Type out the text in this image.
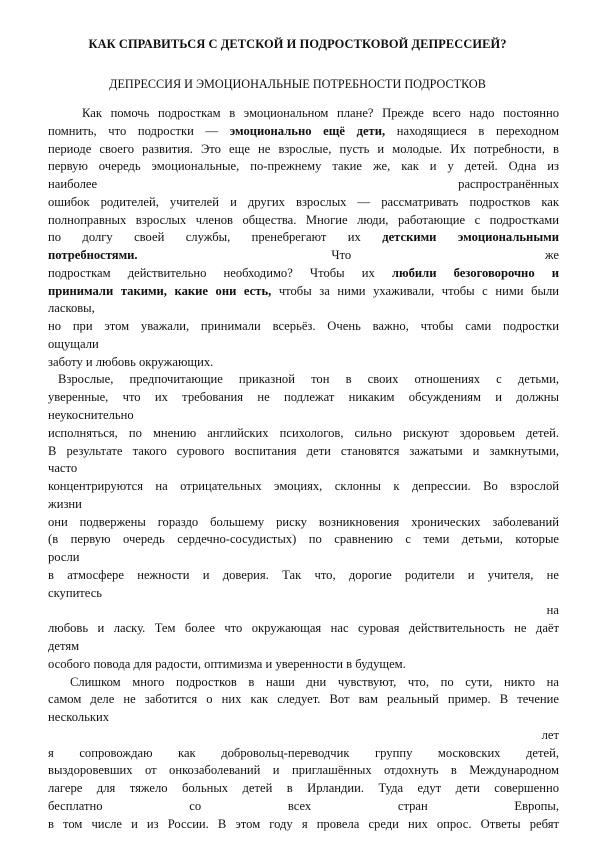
КАК СПРАВИТЬСЯ С ДЕТСКОЙ И ПОДРОСТКОВОЙ ДЕПРЕССИЕЙ?
ДЕПРЕССИЯ И ЭМОЦИОНАЛЬНЫЕ ПОТРЕБНОСТИ ПОДРОСТКОВ
Как помочь подросткам в эмоциональном плане? Прежде всего надо постоянно
помнить, что подростки — эмоционально ещё дети, находящиеся в переходном
периоде своего развития. Это еще не взрослые, пусть и молодые. Их потребности, в
первую очередь эмоциональные, по-прежнему такие же, как и у детей. Одна из
наиболее	распространённых
ошибок родителей, учителей и других взрослых — рассматривать подростков как
полноправных взрослых членов общества. Многие люди, работающие с подростками
по долгу своей службы, пренебрегают их детскими эмоциональными
потребностями.	Что	же
подросткам действительно необходимо? Чтобы их любили безоговорочно и
принимали такими, какие они есть, чтобы за ними ухаживали, чтобы с ними были
ласковы,
но при этом уважали, принимали всерьёз. Очень важно, чтобы сами подростки
ощущали
заботу и любовь окружающих.
Взрослые, предпочитающие приказной тон в своих отношениях с детьми,
уверенные, что их требования не подлежат никаким обсуждениям и должны
неукоснительно
исполняться, по мнению английских психологов, сильно рискуют здоровьем детей.
В результате такого сурового воспитания дети становятся зажатыми и замкнутыми,
часто
концентрируются на отрицательных эмоциях, склонны к депрессии. Во взрослой
жизни
они подвержены гораздо большему риску возникновения хронических заболеваний
(в первую очередь сердечно-сосудистых) по сравнению с теми детьми, которые
росли
в атмосфере нежности и доверия. Так что, дорогие родители и учителя, не
скупитесь
на
любовь и ласку. Тем более что окружающая нас суровая действительность не даёт
детям
особого повода для радости, оптимизма и уверенности в будущем.
Слишком много подростков в наши дни чувствуют, что, по сути, никто на
самом деле не заботится о них как следует. Вот вам реальный пример. В течение
нескольких
лет
я сопровождаю как добровольц-переводчик группу московских детей,
выздоровевших от онкозаболеваний и приглашённых отдохнуть в Международном
лагере для тяжело больных детей в Ирландии. Туда едут дети совершенно
бесплатно со всех стран Европы,
в том числе и из России. В этом году я провела среди них опрос. Ответы ребят
